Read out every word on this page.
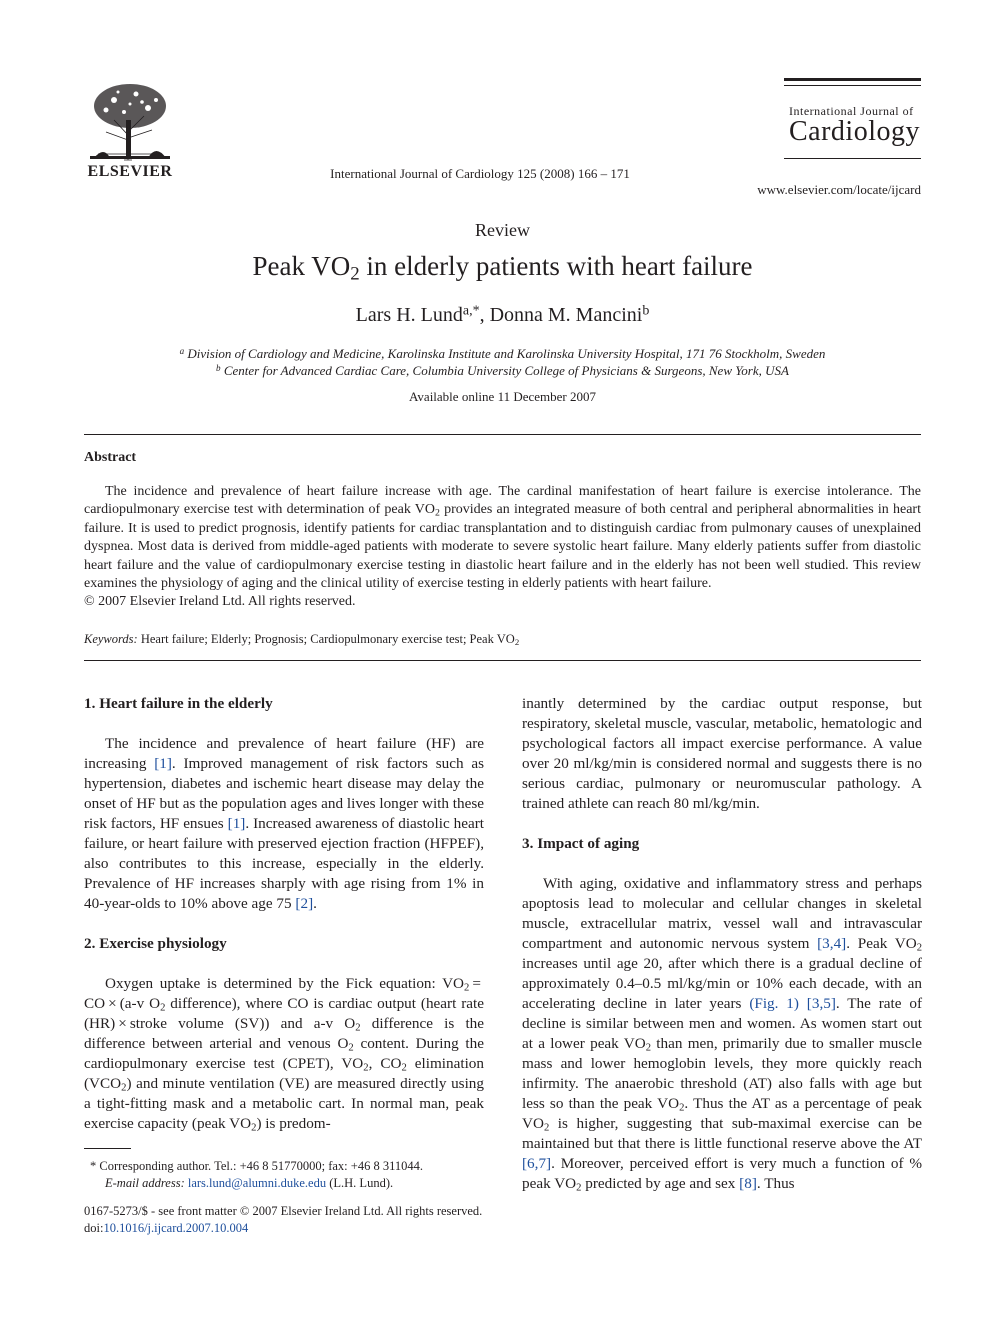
ELSEVIER	International Journal of Cardiology 125 (2008) 166 – 171
International Journal of
Cardiology
www.elsevier.com/locate/ijcard
Review
Peak $VO_2$ in elderly patients with heart failure
Lars H. Lund$^{a,*}$, Donna M. Mancini$^b$
$^a$ Division of Cardiology and Medicine, Karolinska Institute and Karolinska University Hospital, 171 76 Stockholm, Sweden
$^b$ Center for Advanced Cardiac Care, Columbia University College of Physicians & Surgeons, New York, USA
Available online 11 December 2007
Abstract

The incidence and prevalence of heart failure increase with age. The cardinal manifestation of heart failure is exercise intolerance. The cardiopulmonary exercise test with determination of peak $VO_2$ provides an integrated measure of both central and peripheral abnormalities in heart failure. It is used to predict prognosis, identify patients for cardiac transplantation and to distinguish cardiac from pulmonary causes of unexplained dyspnea. Most data is derived from middle-aged patients with moderate to severe systolic heart failure. Many elderly patients suffer from diastolic heart failure and the value of cardiopulmonary exercise testing in diastolic heart failure and in the elderly has not been well studied. This review examines the physiology of aging and the clinical utility of exercise testing in elderly patients with heart failure.
© 2007 Elsevier Ireland Ltd. All rights reserved.

Keywords: Heart failure; Elderly; Prognosis; Cardiopulmonary exercise test; Peak $VO_2$
1. Heart failure in the elderly

The incidence and prevalence of heart failure (HF) are increasing [1]. Improved management of risk factors such as hypertension, diabetes and ischemic heart disease may delay the onset of HF but as the population ages and lives longer with these risk factors, HF ensues [1]. Increased awareness of diastolic heart failure, or heart failure with preserved ejection fraction (HFPEF), also contributes to this increase, especially in the elderly. Prevalence of HF increases sharply with age rising from 1% in 40-year-olds to 10% above age 75 [2].

2. Exercise physiology

Oxygen uptake is determined by the Fick equation: $VO_2$ = CO × (a-v $O_2$ difference), where CO is cardiac output (heart rate (HR) × stroke volume (SV)) and a-v $O_2$ difference is the difference between arterial and venous $O_2$ content. During the cardiopulmonary exercise test (CPET), $VO_2$, $CO_2$ elimination $(VCO_2)$ and minute ventilation (VE) are measured directly using a tight-fitting mask and a metabolic cart. In normal man, peak exercise capacity (peak $VO_2$) is predom-

inantly determined by the cardiac output response, but respiratory, skeletal muscle, vascular, metabolic, hematologic and psychological factors all impact exercise performance. A value over 20 ml/kg/min is considered normal and suggests there is no serious cardiac, pulmonary or neuromuscular pathology. A trained athlete can reach 80 ml/kg/min.

3. Impact of aging

With aging, oxidative and inflammatory stress and perhaps apoptosis lead to molecular and cellular changes in skeletal muscle, extracellular matrix, vessel wall and intravascular compartment and autonomic nervous system [3,4]. Peak $VO_2$ increases until age 20, after which there is a gradual decline of approximately 0.4–0.5 ml/kg/min or 10% each decade, with an accelerating decline in later years (Fig. 1) [3,5]. The rate of decline is similar between men and women. As women start out at a lower peak $VO_2$ than men, primarily due to smaller muscle mass and lower hemoglobin levels, they more quickly reach infirmity. The anaerobic threshold (AT) also falls with age but less so than the peak $VO_2$. Thus the AT as a percentage of peak $VO_2$ is higher, suggesting that sub-maximal exercise can be maintained but that there is little functional reserve above the AT [6,7]. Moreover, perceived effort is very much a function of % peak $VO_2$ predicted by age and sex [8]. Thus

* Corresponding author. Tel.: +46 8 51770000; fax: +46 8 311044.
E-mail address: lars.lund@alumni.duke.edu (L.H. Lund).
0167-5273/$ - see front matter © 2007 Elsevier Ireland Ltd. All rights reserved.
doi:10.1016/j.ijcard.2007.10.004
